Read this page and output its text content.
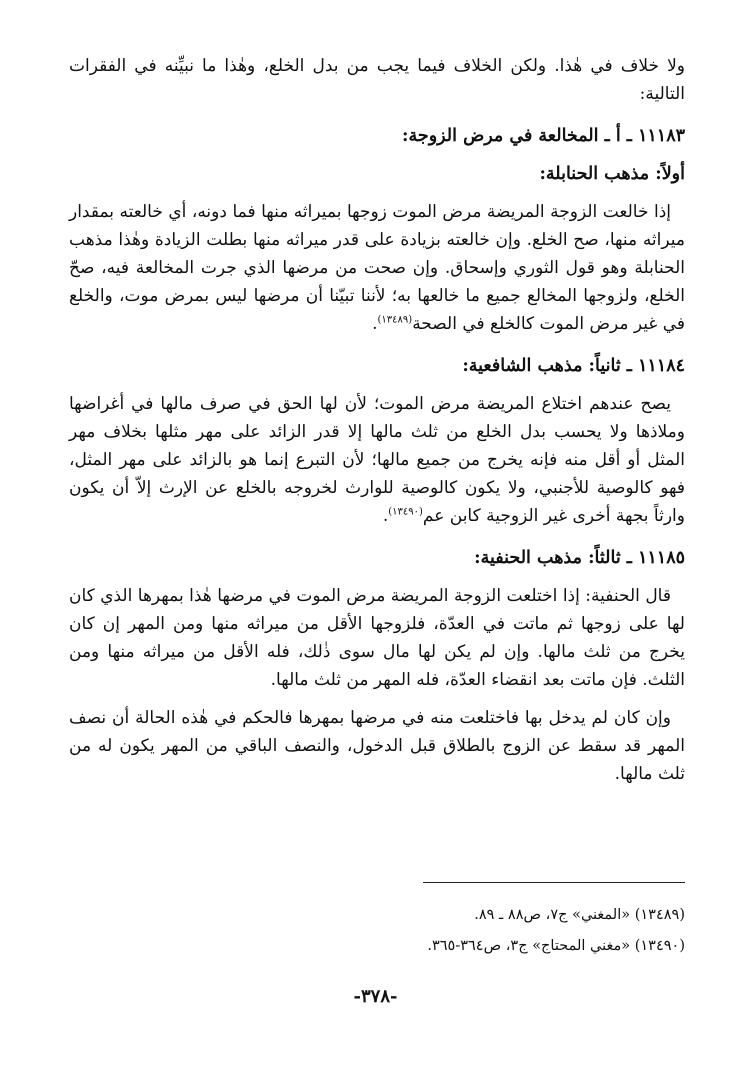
ولا خلاف في هٰذا. ولكن الخلاف فيما يجب من بدل الخلع، وهٰذا ما نبيِّنه في الفقرات التالية:

١١١٨٣ ـ أ ـ المخالعة في مرض الزوجة:

أولاً: مذهب الحنابلة:

إذا خالعت الزوجة المريضة مرض الموت زوجها بميراثه منها فما دونه، أي خالعته بمقدار ميراثه منها، صح الخلع. وإن خالعته بزيادة على قدر ميراثه منها بطلت الزيادة وهٰذا مذهب الحنابلة وهو قول الثوري وإسحاق. وإن صحت من مرضها الذي جرت المخالعة فيه، صحّ الخلع، ولزوجها المخالع جميع ما خالعها به؛ لأننا تبيّنا أن مرضها ليس بمرض موت، والخلع في غير مرض الموت كالخلع في الصحة$^{(١٣٤٨٩)}$.

١١١٨٤ ـ ثانياً: مذهب الشافعية:

يصح عندهم اختلاع المريضة مرض الموت؛ لأن لها الحق في صرف مالها في أغراضها وملاذها ولا يحسب بدل الخلع من ثلث مالها إلا قدر الزائد على مهر مثلها بخلاف مهر المثل أو أقل منه فإنه يخرج من جميع مالها؛ لأن التبرع إنما هو بالزائد على مهر المثل، فهو كالوصية للأجنبي، ولا يكون كالوصية للوارث لخروجه بالخلع عن الإرث إلاّ أن يكون وارثاً بجهة أخرى غير الزوجية كابن عم$^{(١٣٤٩٠)}$.

١١١٨٥ ـ ثالثاً: مذهب الحنفية:

قال الحنفية: إذا اختلعت الزوجة المريضة مرض الموت في مرضها هٰذا بمهرها الذي كان لها على زوجها ثم ماتت في العدّة، فلزوجها الأقل من ميراثه منها ومن المهر إن كان يخرج من ثلث مالها. وإن لم يكن لها مال سوى ذٰلك، فله الأقل من ميراثه منها ومن الثلث. فإن ماتت بعد انقضاء العدّة، فله المهر من ثلث مالها.

وإن كان لم يدخل بها فاختلعت منه في مرضها بمهرها فالحكم في هٰذه الحالة أن نصف المهر قد سقط عن الزوج بالطلاق قبل الدخول، والنصف الباقي من المهر يكون له من ثلث مالها.

(١٣٤٨٩) «المغني» ج٧، ص٨٨ ـ ٨٩.

(١٣٤٩٠) «مغني المحتاج» ج٣، ص٣٦٤-٣٦٥.

-٣٧٨-
